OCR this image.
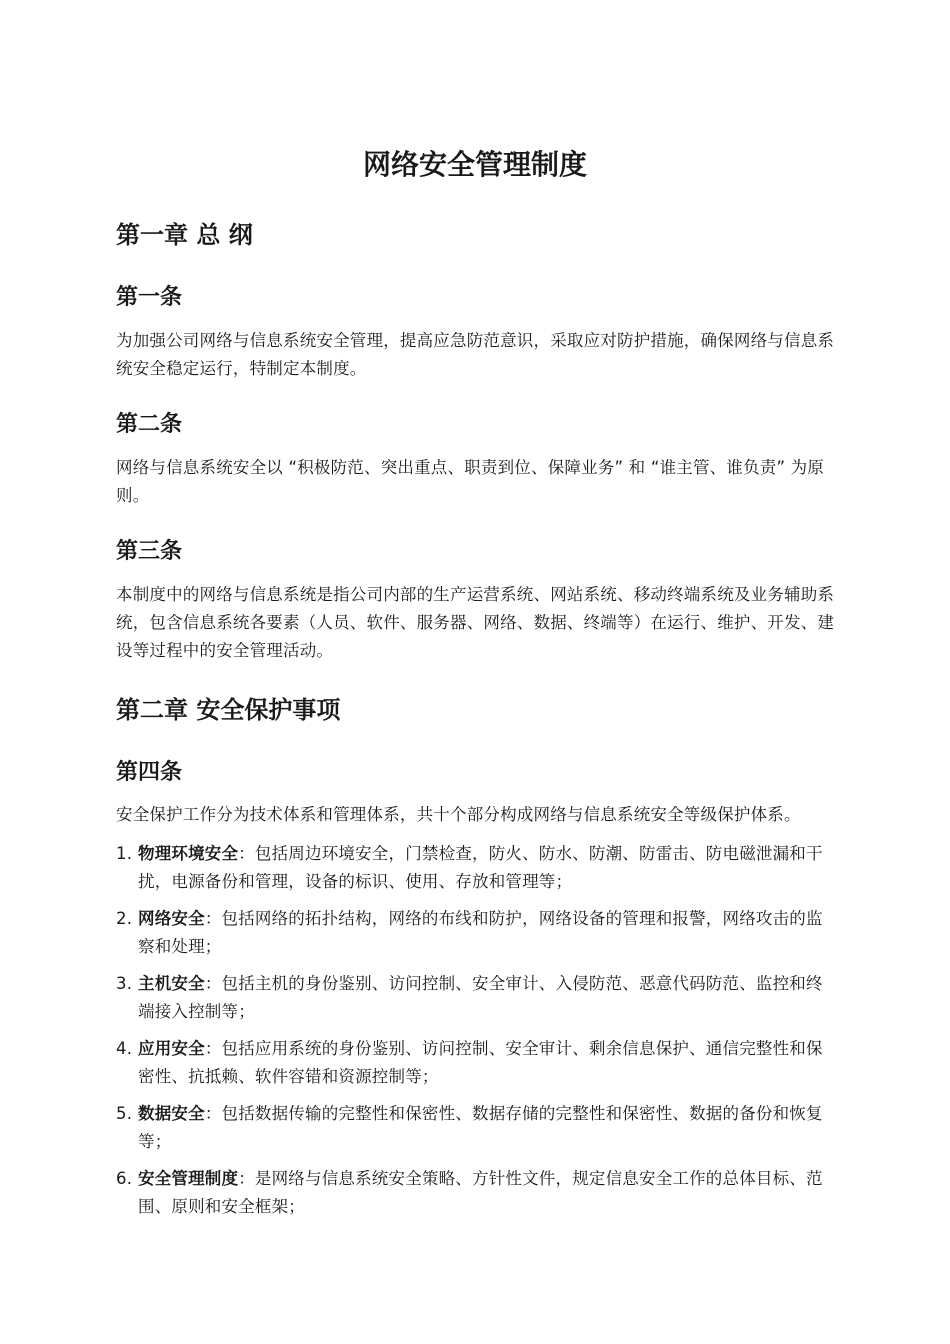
网络安全管理制度
第一章 总 纲
第一条

为加强公司网络与信息系统安全管理，提高应急防范意识，采取应对防护措施，确保网络与信息系统安全稳定运行，特制定本制度。

第二条

网络与信息系统安全以 “积极防范、突出重点、职责到位、保障业务” 和 “谁主管、谁负责” 为原则。

第三条

本制度中的网络与信息系统是指公司内部的生产运营系统、网站系统、移动终端系统及业务辅助系统，包含信息系统各要素（人员、软件、服务器、网络、数据、终端等）在运行、维护、开发、建设等过程中的安全管理活动。

第二章 安全保护事项
第四条

安全保护工作分为技术体系和管理体系，共十个部分构成网络与信息系统安全等级保护体系。

1. 物理环境安全：包括周边环境安全，门禁检查，防火、防水、防潮、防雷击、防电磁泄漏和干扰，电源备份和管理，设备的标识、使用、存放和管理等；
2. 网络安全：包括网络的拓扑结构，网络的布线和防护，网络设备的管理和报警，网络攻击的监察和处理；
3. 主机安全：包括主机的身份鉴别、访问控制、安全审计、入侵防范、恶意代码防范、监控和终端接入控制等；
4. 应用安全：包括应用系统的身份鉴别、访问控制、安全审计、剩余信息保护、通信完整性和保密性、抗抵赖、软件容错和资源控制等；
5. 数据安全：包括数据传输的完整性和保密性、数据存储的完整性和保密性、数据的备份和恢复等；
6. 安全管理制度：是网络与信息系统安全策略、方针性文件，规定信息安全工作的总体目标、范围、原则和安全框架；
